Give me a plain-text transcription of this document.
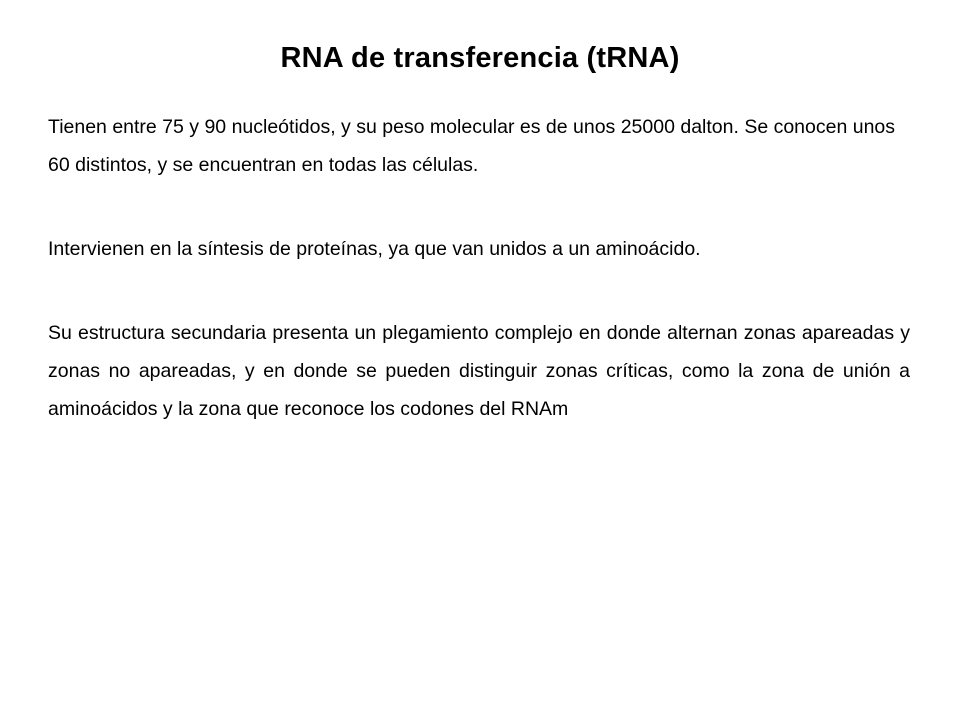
RNA de transferencia (tRNA)

Tienen entre 75 y 90 nucleótidos, y su peso molecular es de unos 25000 dalton. Se conocen unos 60 distintos, y se encuentran en todas las células.

Intervienen en la síntesis de proteínas, ya que van unidos a un aminoácido.

Su estructura secundaria presenta un plegamiento complejo en donde alternan zonas apareadas y zonas no apareadas, y en donde se pueden distinguir zonas críticas, como la zona de unión a aminoácidos y la zona que reconoce los codones del RNAm
